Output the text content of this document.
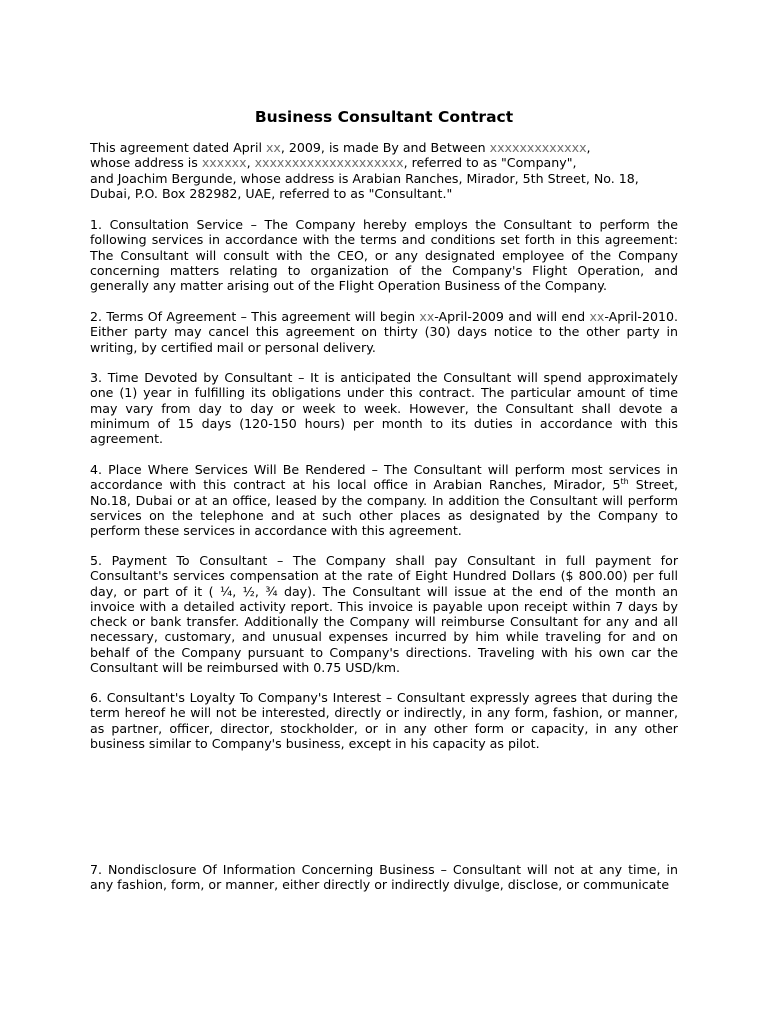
Business Consultant Contract
This agreement dated April xx, 2009, is made By and Between xxxxxxxxxxxxx,
whose address is xxxxxx, xxxxxxxxxxxxxxxxxxxx, referred to as "Company",
and Joachim Bergunde, whose address is Arabian Ranches, Mirador, 5th Street, No. 18,
Dubai, P.O. Box 282982, UAE, referred to as "Consultant."
1. Consultation Service – The Company hereby employs the Consultant to perform the following services in accordance with the terms and conditions set forth in this agreement: The Consultant will consult with the CEO, or any designated employee of the Company concerning matters relating to organization of the Company's Flight Operation, and generally any matter arising out of the Flight Operation Business of the Company.
2. Terms Of Agreement – This agreement will begin xx-April-2009 and will end xx-April-2010. Either party may cancel this agreement on thirty (30) days notice to the other party in writing, by certified mail or personal delivery.
3. Time Devoted by Consultant – It is anticipated the Consultant will spend approximately one (1) year in fulfilling its obligations under this contract. The particular amount of time may vary from day to day or week to week. However, the Consultant shall devote a minimum of 15 days (120-150 hours) per month to its duties in accordance with this agreement.
4. Place Where Services Will Be Rendered – The Consultant will perform most services in accordance with this contract at his local office in Arabian Ranches, Mirador, 5th Street, No.18, Dubai or at an office, leased by the company. In addition the Consultant will perform services on the telephone and at such other places as designated by the Company to perform these services in accordance with this agreement.
5. Payment To Consultant – The Company shall pay Consultant in full payment for Consultant's services compensation at the rate of Eight Hundred Dollars ($ 800.00) per full day, or part of it ( ¼, ½, ¾ day). The Consultant will issue at the end of the month an invoice with a detailed activity report. This invoice is payable upon receipt within 7 days by check or bank transfer. Additionally the Company will reimburse Consultant for any and all necessary, customary, and unusual expenses incurred by him while traveling for and on behalf of the Company pursuant to Company's directions. Traveling with his own car the Consultant will be reimbursed with 0.75 USD/km.
6. Consultant's Loyalty To Company's Interest – Consultant expressly agrees that during the term hereof he will not be interested, directly or indirectly, in any form, fashion, or manner, as partner, officer, director, stockholder, or in any other form or capacity, in any other business similar to Company's business, except in his capacity as pilot.
7. Nondisclosure Of Information Concerning Business – Consultant will not at any time, in any fashion, form, or manner, either directly or indirectly divulge, disclose, or communicate
